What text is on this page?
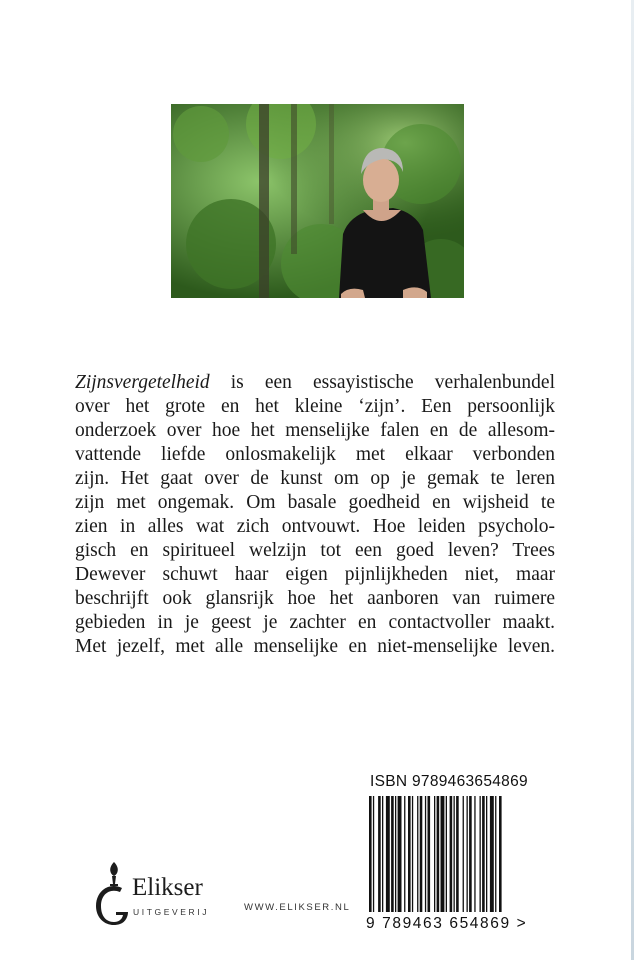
Zijnsvergetelheid is een essayistische verhalenbundel
over het grote en het kleine ‘zijn’. Een persoonlijk
onderzoek over hoe het menselijke falen en de allesom-
vattende liefde onlosmakelijk met elkaar verbonden
zijn. Het gaat over de kunst om op je gemak te leren
zijn met ongemak. Om basale goedheid en wijsheid te
zien in alles wat zich ontvouwt. Hoe leiden psycholo-
gisch en spiritueel welzijn tot een goed leven? Trees
Dewever schuwt haar eigen pijnlijkheden niet, maar
beschrijft ook glansrijk hoe het aanboren van ruimere
gebieden in je geest je zachter en contactvoller maakt.
Met jezelf, met alle menselijke en niet-menselijke leven.
Elikser
UITGEVERIJ	WWW.ELIKSER.NL
ISBN 9789463654869
9 789463 654869 >
